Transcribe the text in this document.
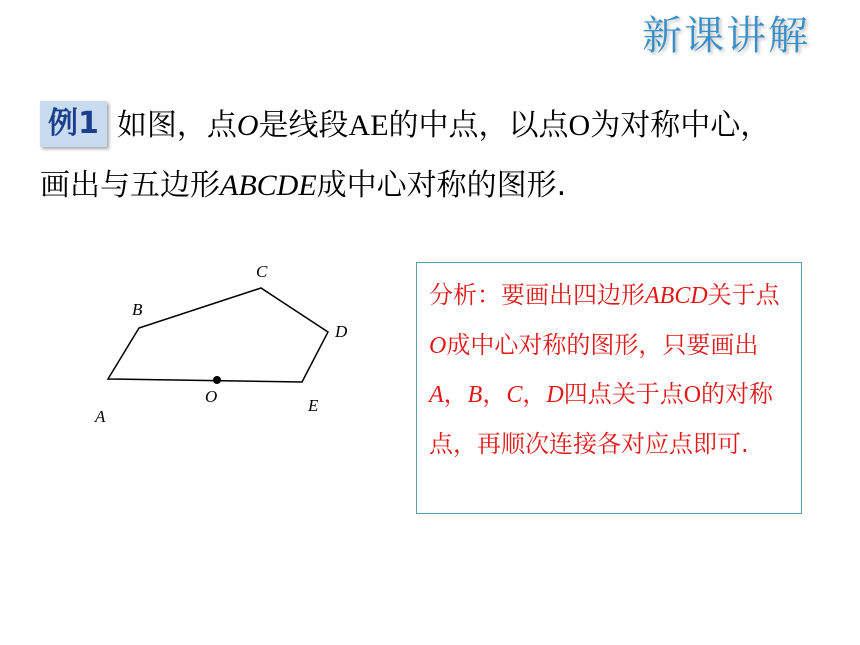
新课讲解
例1 如图，点O是线段AE的中点，以点O为对称中心，画出与五边形ABCDE成中心对称的图形.
A
B
C
D
E
O
分析：要画出四边形ABCD关于点O成中心对称的图形，只要画出A，B，C，D四点关于点O的对称点，再顺次连接各对应点即可.
